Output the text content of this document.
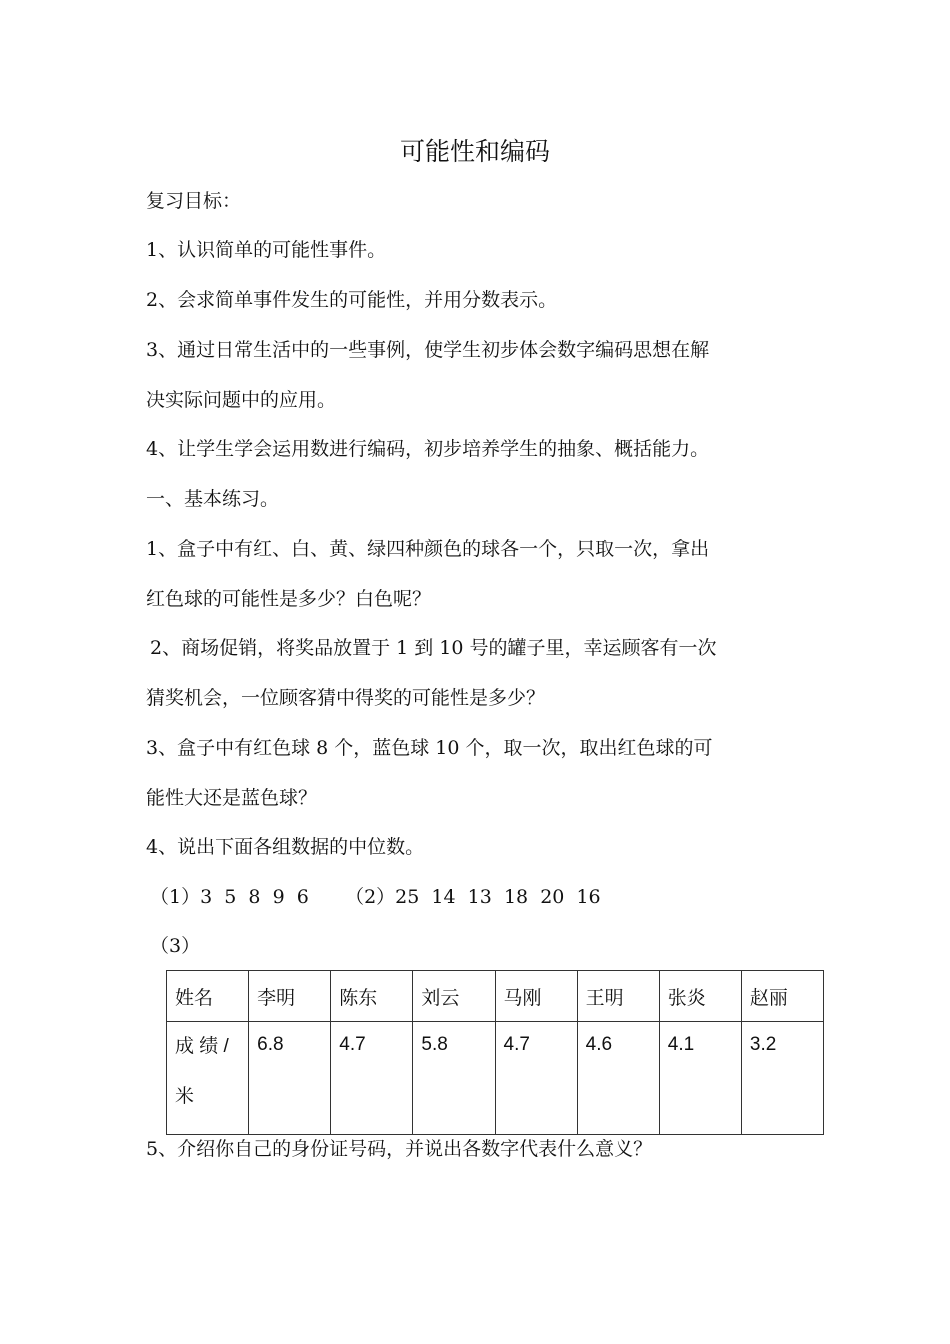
可能性和编码
复习目标：
1、认识简单的可能性事件。
2、会求简单事件发生的可能性，并用分数表示。
3、通过日常生活中的一些事例，使学生初步体会数字编码思想在解
决实际问题中的应用。
4、让学生学会运用数进行编码，初步培养学生的抽象、概括能力。
一、基本练习。
1、盒子中有红、白、黄、绿四种颜色的球各一个，只取一次，拿出
红色球的可能性是多少？白色呢？
2、商场促销，将奖品放置于 1 到 10 号的罐子里，幸运顾客有一次
猜奖机会，一位顾客猜中得奖的可能性是多少？
3、盒子中有红色球 8 个，蓝色球 10 个，取一次，取出红色球的可
能性大还是蓝色球？
4、说出下面各组数据的中位数。
（1）3  5  8  9  6      （2）25  14  13  18  20  16
（3）
姓名	李明	陈东	刘云	马刚	王明	张炎	赵丽
成 绩 / 米	6.8	4.7	5.8	4.7	4.6	4.1	3.2
5、介绍你自己的身份证号码，并说出各数字代表什么意义？
